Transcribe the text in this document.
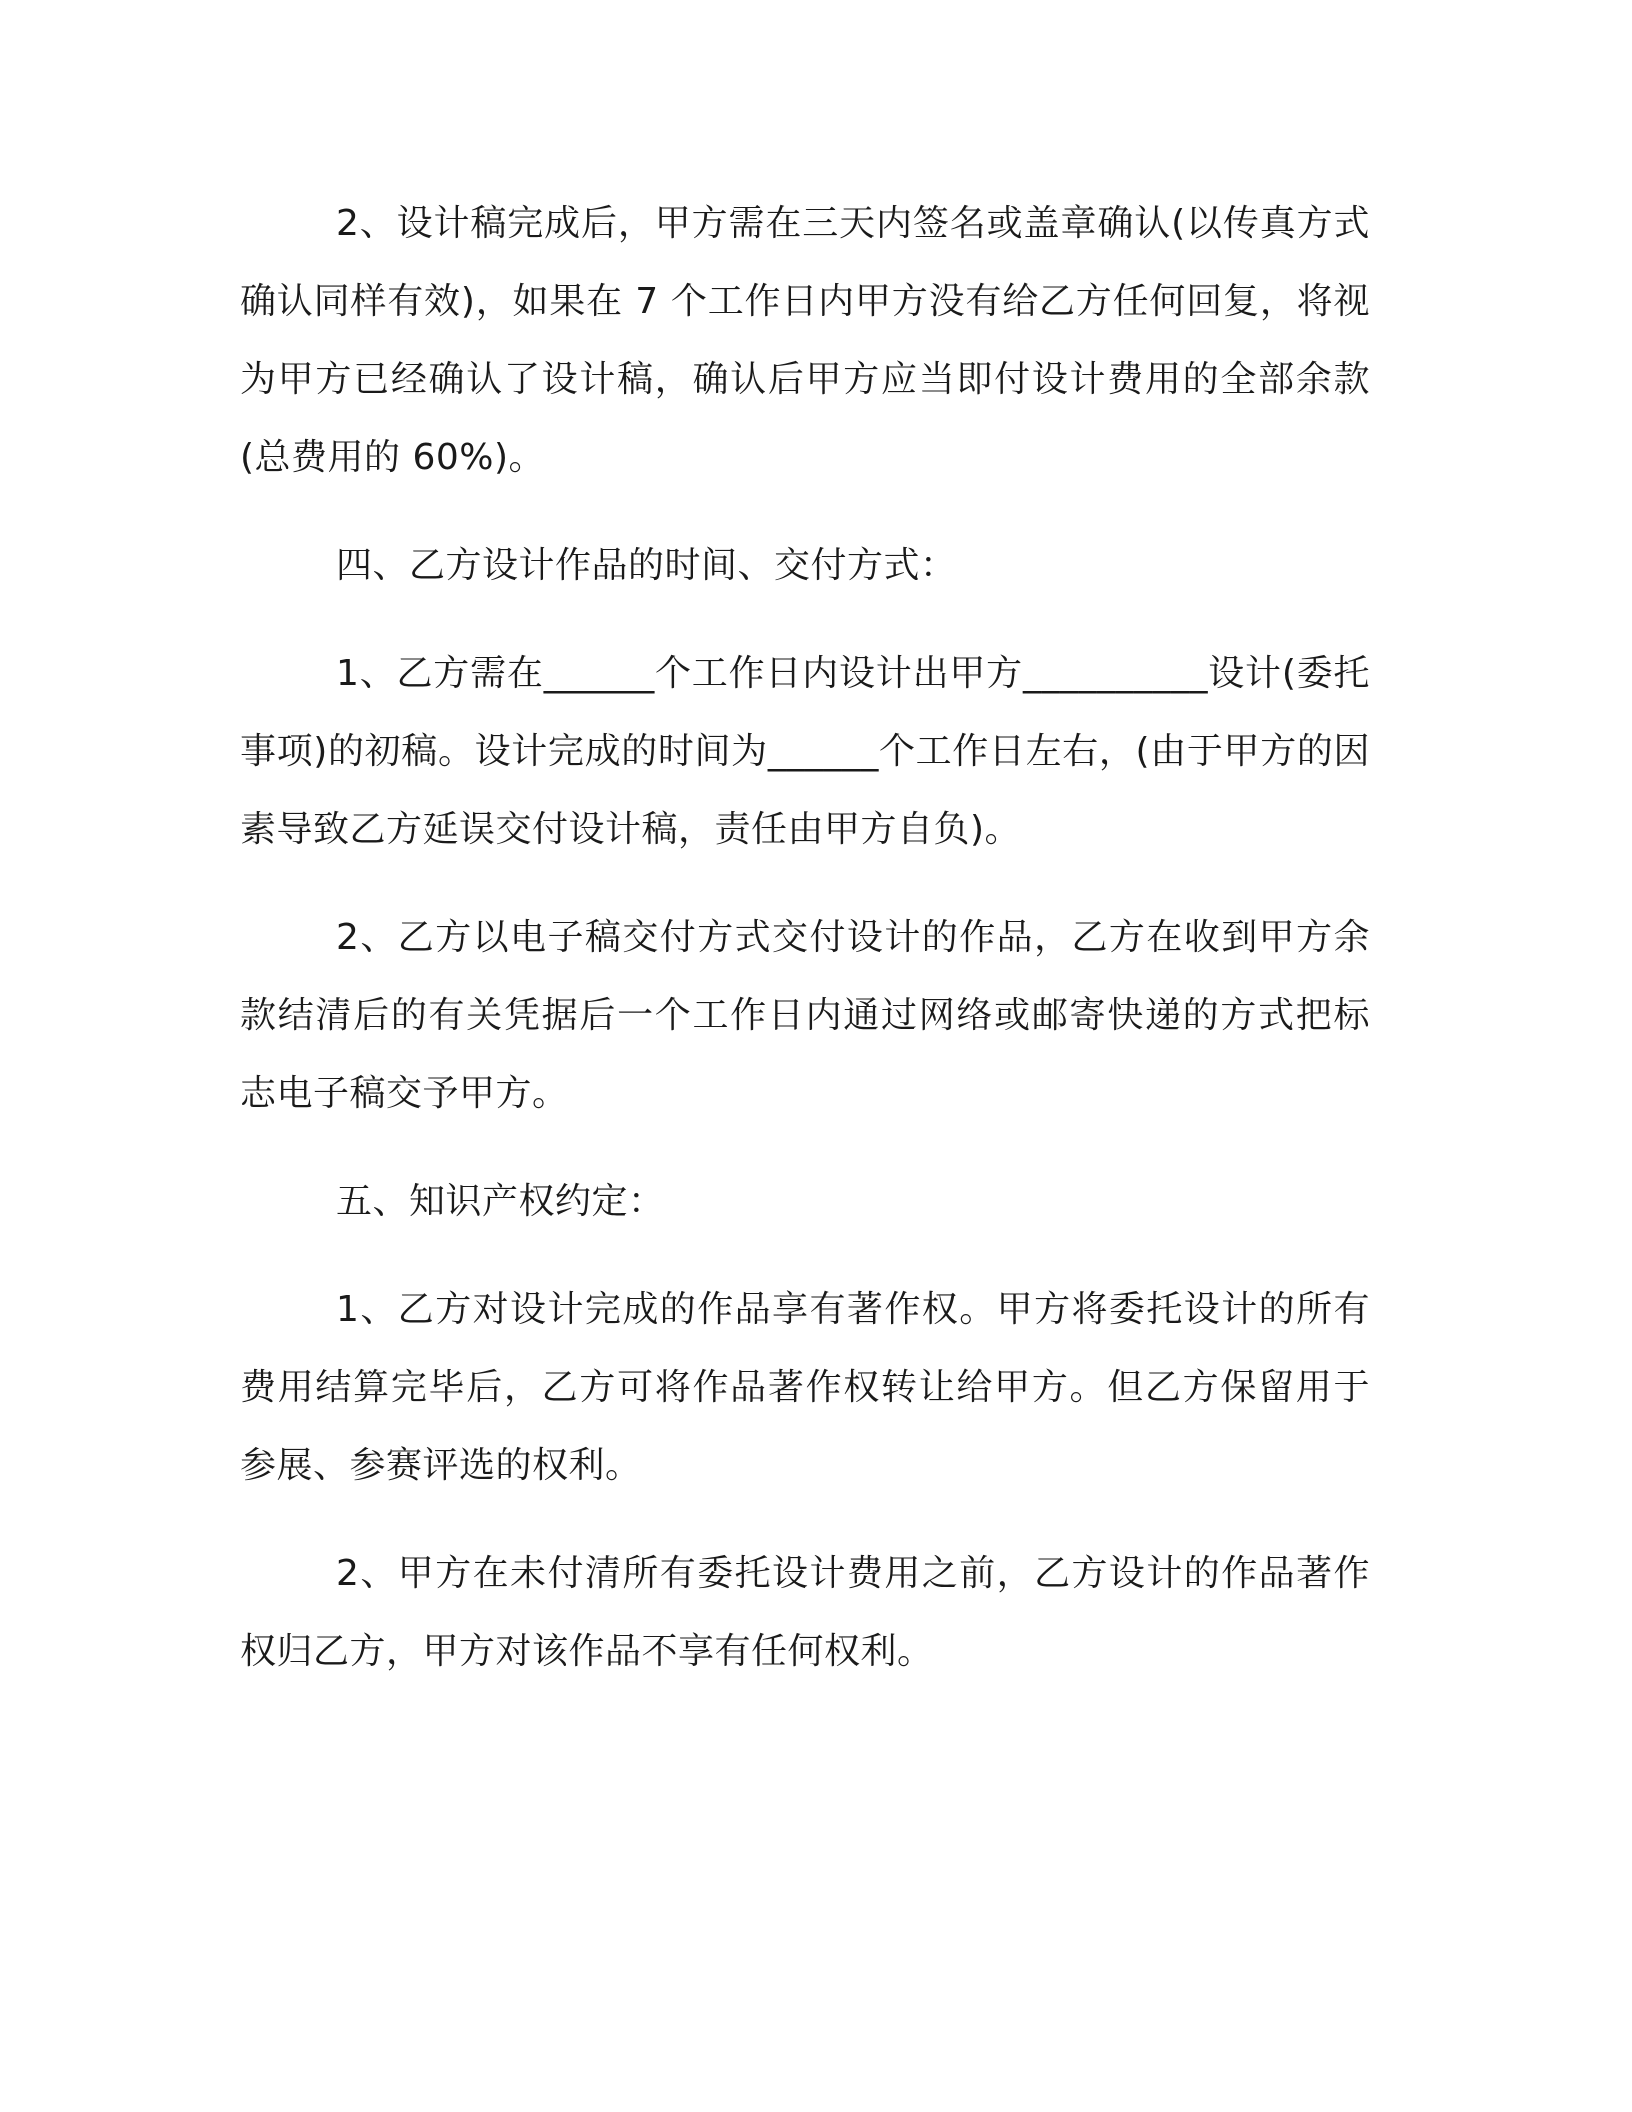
2、设计稿完成后，甲方需在三天内签名或盖章确认(以传真方式确认同样有效)，如果在 7 个工作日内甲方没有给乙方任何回复，将视为甲方已经确认了设计稿，确认后甲方应当即付设计费用的全部余款(总费用的 60%)。

四、乙方设计作品的时间、交付方式：

1、乙方需在______个工作日内设计出甲方__________设计(委托事项)的初稿。设计完成的时间为______个工作日左右，(由于甲方的因素导致乙方延误交付设计稿，责任由甲方自负)。

2、乙方以电子稿交付方式交付设计的作品，乙方在收到甲方余款结清后的有关凭据后一个工作日内通过网络或邮寄快递的方式把标志电子稿交予甲方。

五、知识产权约定：

1、乙方对设计完成的作品享有著作权。甲方将委托设计的所有费用结算完毕后，乙方可将作品著作权转让给甲方。但乙方保留用于参展、参赛评选的权利。

2、甲方在未付清所有委托设计费用之前，乙方设计的作品著作权归乙方，甲方对该作品不享有任何权利。
